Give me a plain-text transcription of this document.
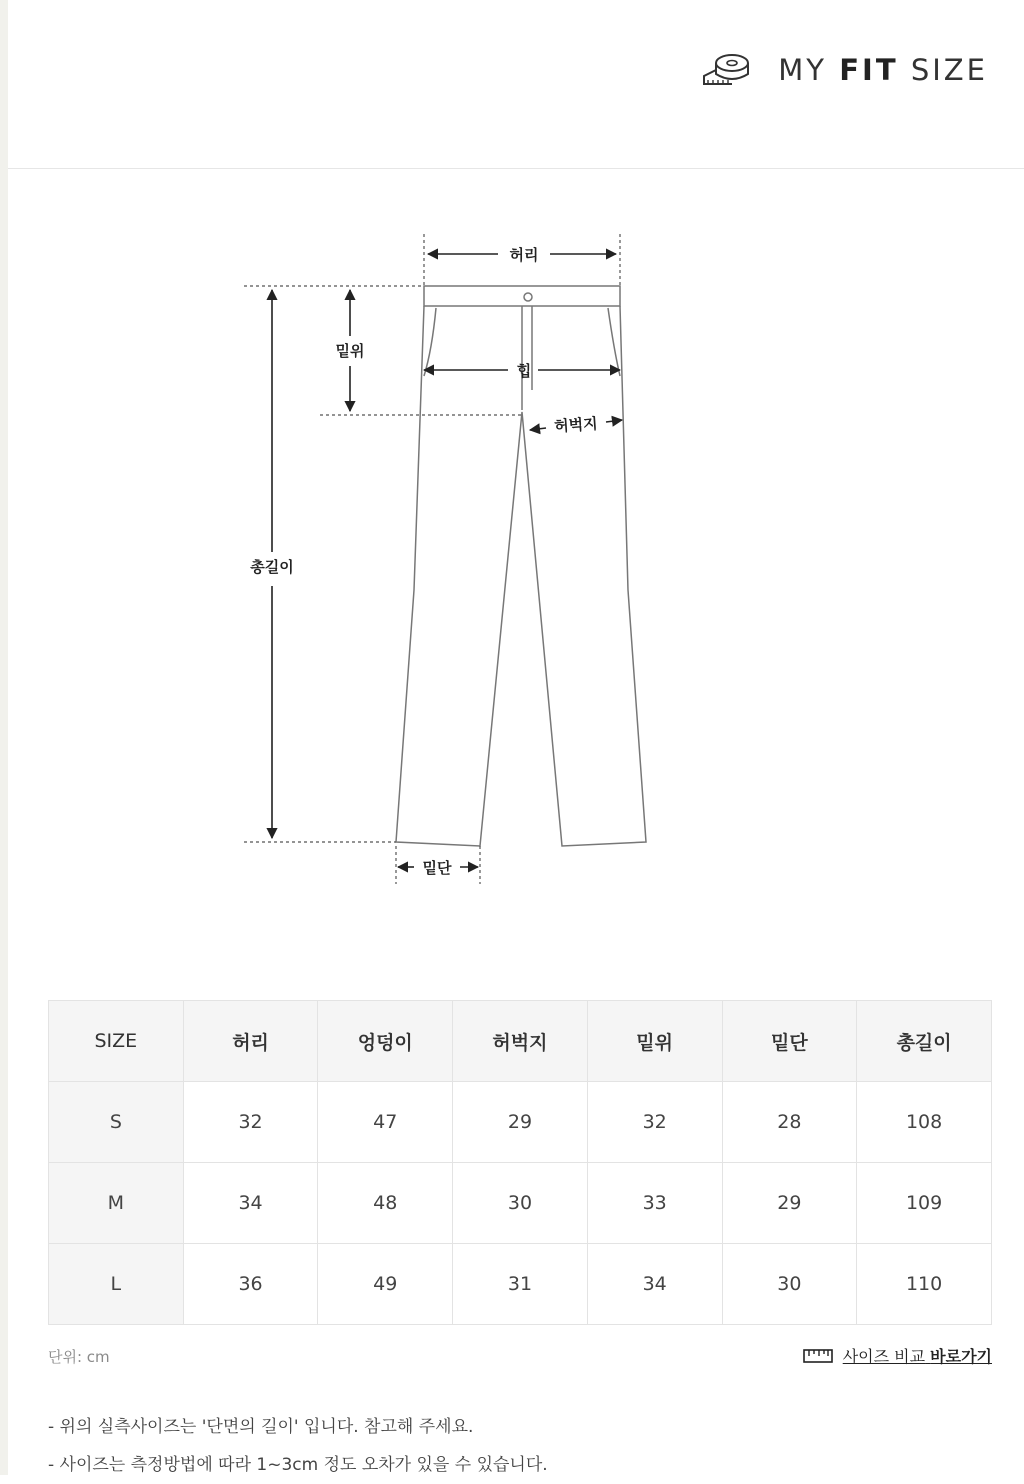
MY FIT SIZE
허리
밑위
힙
허벅지
총길이
밑단
SIZE	허리	엉덩이	허벅지	밑위	밑단	총길이
S	32	47	29	32	28	108
M	34	48	30	33	29	109
L	36	49	31	34	30	110
단위: cm	사이즈 비교 바로가기
- 위의 실측사이즈는 '단면의 길이' 입니다. 참고해 주세요.
- 사이즈는 측정방법에 따라 1~3cm 정도 오차가 있을 수 있습니다.
